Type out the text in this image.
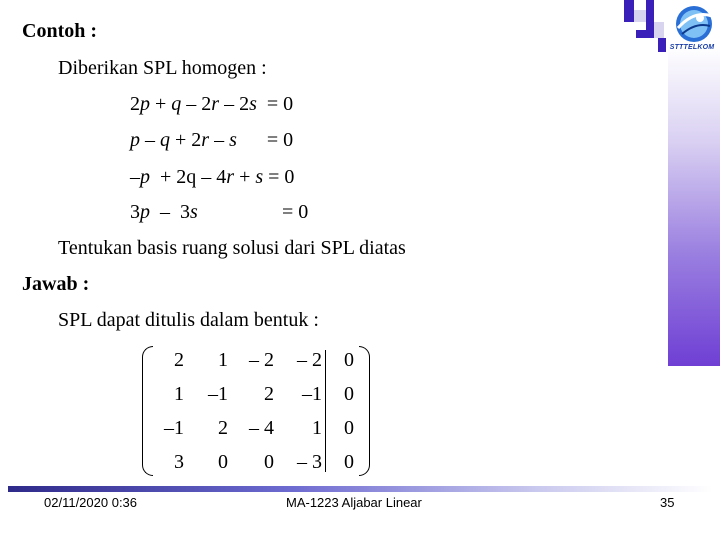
STTTELKOM
Contoh :
Diberikan SPL homogen :
2p + q – 2r – 2s  = 0
p – q + 2r – s      = 0
–p  + 2q – 4r + s = 0
3p  –  3s	= 0
Tentukan basis ruang solusi dari SPL diatas
Jawab :
SPL dapat ditulis dalam bentuk :
2	1	– 2	– 2	0
1	–1	2	–1	0
–1	2	– 4	1	0
3	0	0	– 3	0
02/11/2020 0:36	MA-1223 Aljabar Linear	35
